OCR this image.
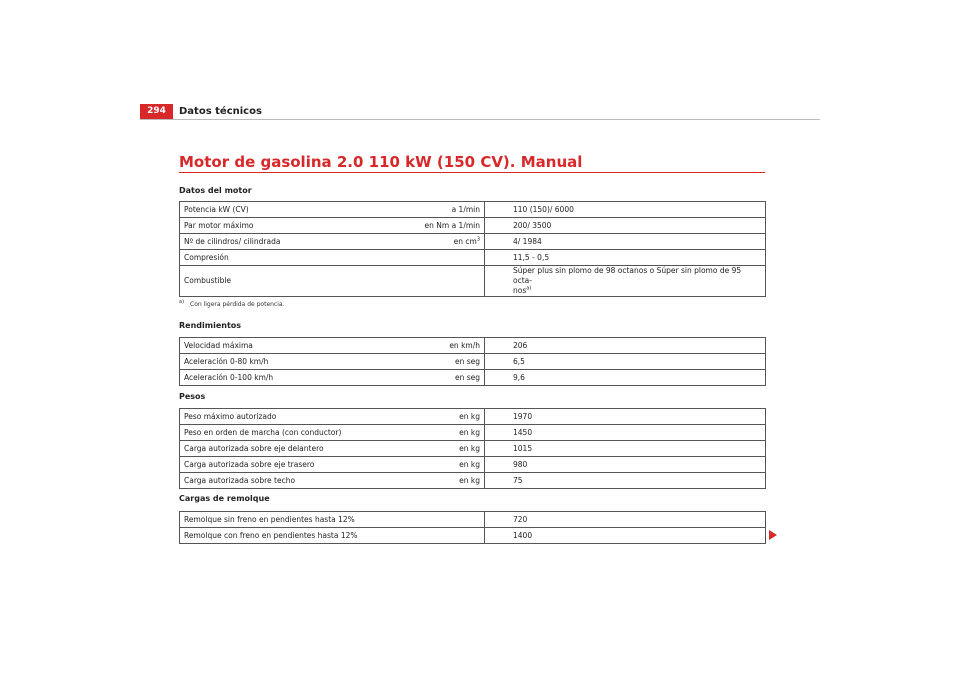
294	Datos técnicos
Motor de gasolina 2.0 110 kW (150 CV). Manual
Datos del motor
Potencia kW (CV)	a 1/min	110 (150)/ 6000
Par motor máximo	en Nm a 1/min	200/ 3500
Nº de cilindros/ cilindrada	en $cm^3$	4/ 1984
Compresión		11,5 - 0,5
Combustible		Súper plus sin plomo de 98 octanos o Súper sin plomo de 95 octa-
nos$^{a)}$
$^{a)}$ Con ligera pérdida de potencia.
Rendimientos
Velocidad máxima	en km/h	206
Aceleración 0-80 km/h	en seg	6,5
Aceleración 0-100 km/h	en seg	9,6
Pesos
Peso máximo autorizado	en kg	1970
Peso en orden de marcha (con conductor)	en kg	1450
Carga autorizada sobre eje delantero	en kg	1015
Carga autorizada sobre eje trasero	en kg	980
Carga autorizada sobre techo	en kg	75
Cargas de remolque
Remolque sin freno en pendientes hasta 12%		720
Remolque con freno en pendientes hasta 12%		1400
